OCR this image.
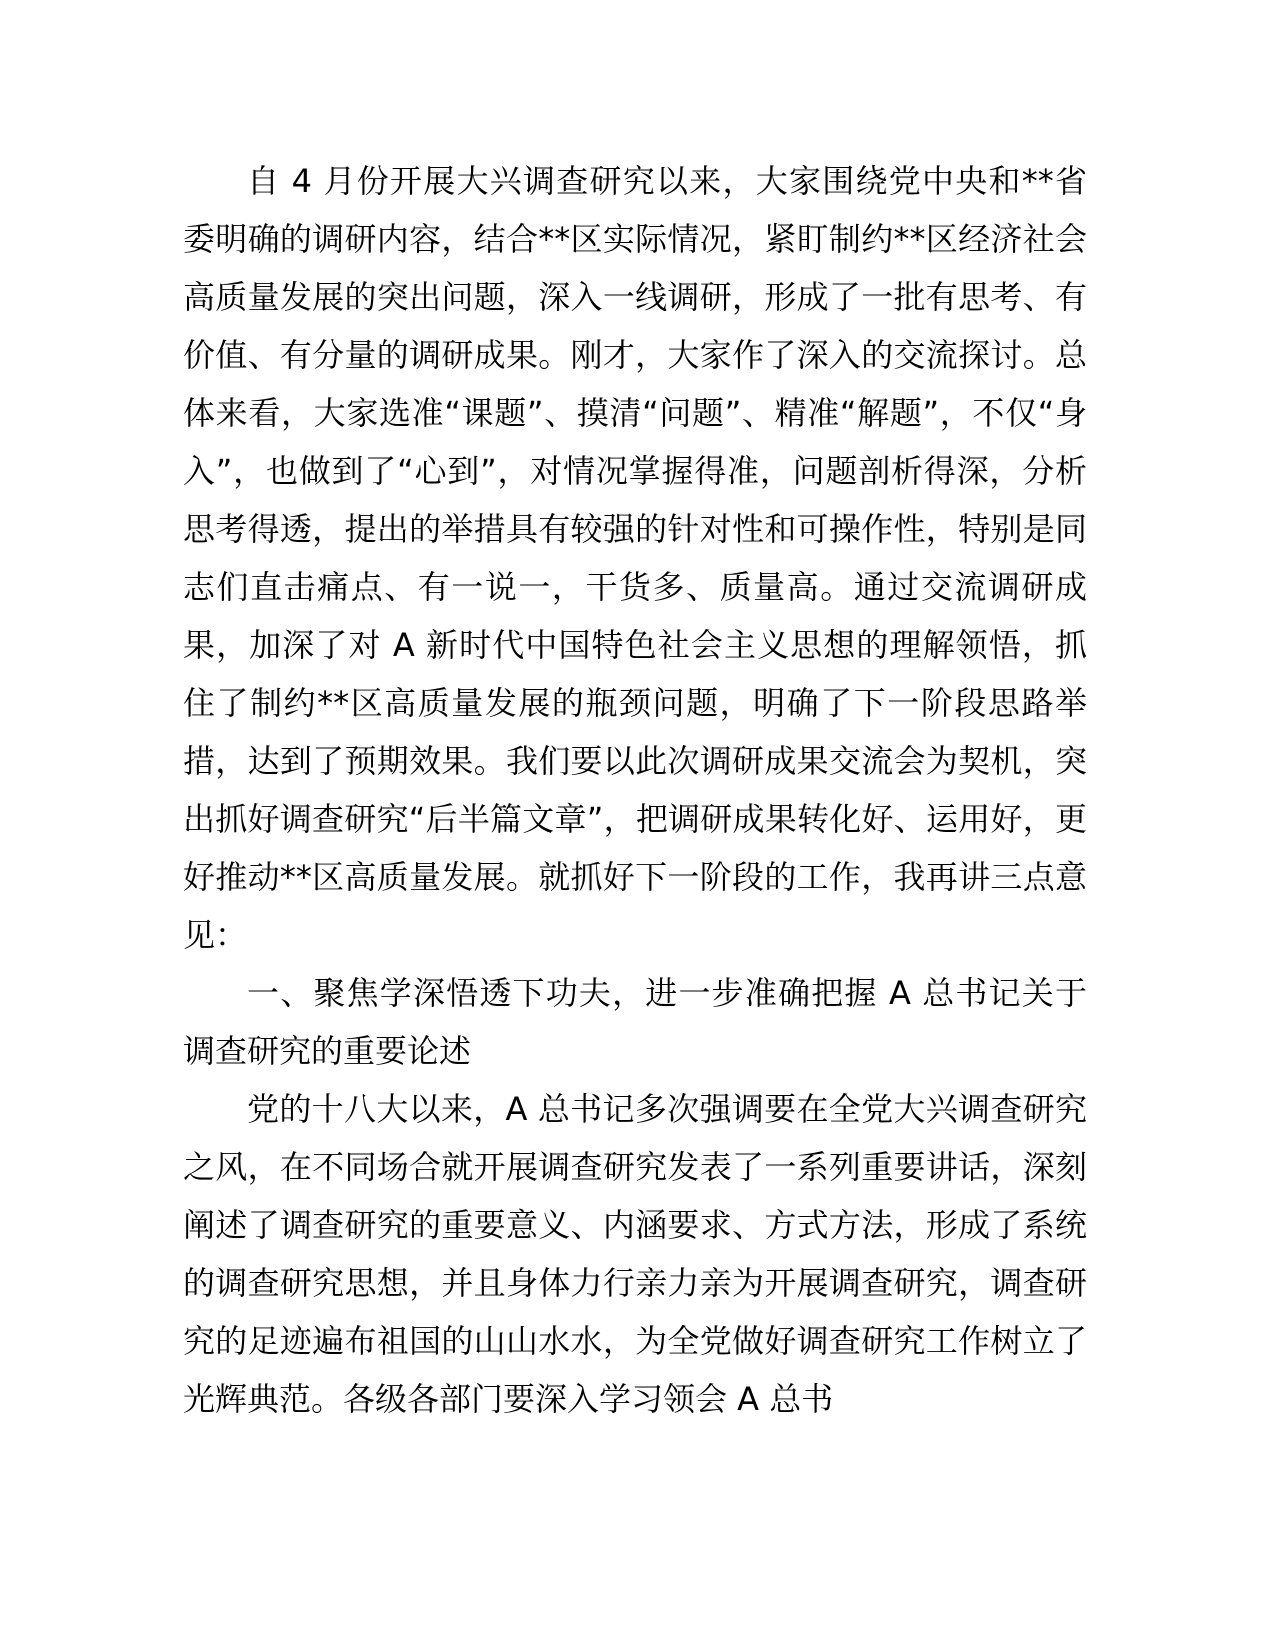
自 4 月份开展大兴调查研究以来，大家围绕党中央和**省委明确的调研内容，结合**区实际情况，紧盯制约**区经济社会高质量发展的突出问题，深入一线调研，形成了一批有思考、有价值、有分量的调研成果。刚才，大家作了深入的交流探讨。总体来看，大家选准“课题”、摸清“问题”、精准“解题”，不仅“身入”，也做到了“心到”，对情况掌握得准，问题剖析得深，分析思考得透，提出的举措具有较强的针对性和可操作性，特别是同志们直击痛点、有一说一，干货多、质量高。通过交流调研成果，加深了对 A 新时代中国特色社会主义思想的理解领悟，抓住了制约**区高质量发展的瓶颈问题，明确了下一阶段思路举措，达到了预期效果。我们要以此次调研成果交流会为契机，突出抓好调查研究“后半篇文章”，把调研成果转化好、运用好，更好推动**区高质量发展。就抓好下一阶段的工作，我再讲三点意见：

一、聚焦学深悟透下功夫，进一步准确把握 A 总书记关于调查研究的重要论述

党的十八大以来，A 总书记多次强调要在全党大兴调查研究之风，在不同场合就开展调查研究发表了一系列重要讲话，深刻阐述了调查研究的重要意义、内涵要求、方式方法，形成了系统的调查研究思想，并且身体力行亲力亲为开展调查研究，调查研究的足迹遍布祖国的山山水水，为全党做好调查研究工作树立了光辉典范。各级各部门要深入学习领会 A 总书
